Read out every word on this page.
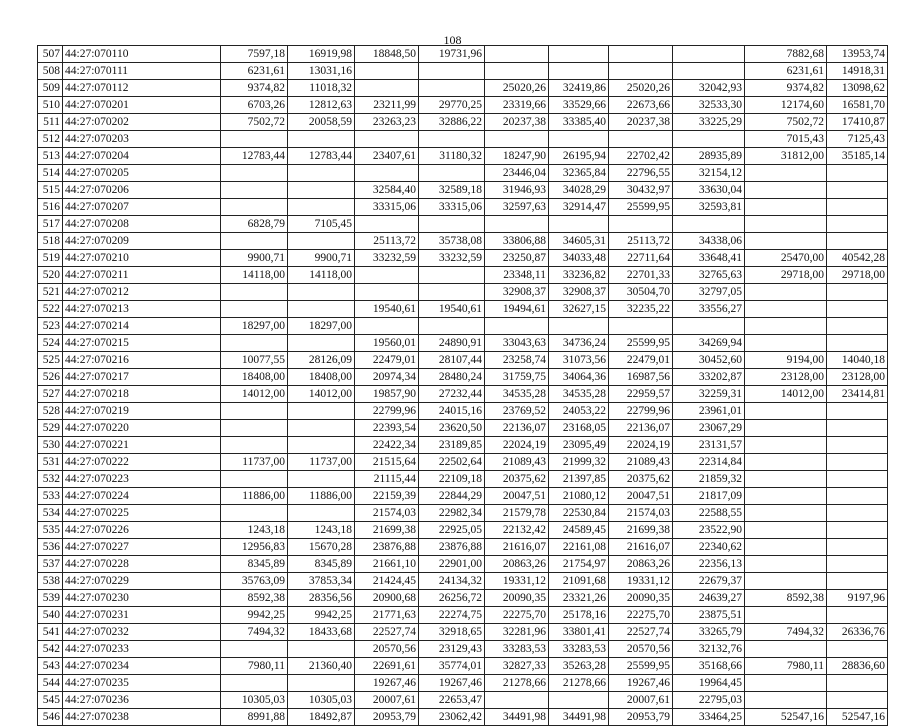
108
507	44:27:070110	7597,18	16919,98	18848,50	19731,96					7882,68	13953,74
508	44:27:070111	6231,61	13031,16							6231,61	14918,31
509	44:27:070112	9374,82	11018,32			25020,26	32419,86	25020,26	32042,93	9374,82	13098,62
510	44:27:070201	6703,26	12812,63	23211,99	29770,25	23319,66	33529,66	22673,66	32533,30	12174,60	16581,70
511	44:27:070202	7502,72	20058,59	23263,23	32886,22	20237,38	33385,40	20237,38	33225,29	7502,72	17410,87
512	44:27:070203									7015,43	7125,43
513	44:27:070204	12783,44	12783,44	23407,61	31180,32	18247,90	26195,94	22702,42	28935,89	31812,00	35185,14
514	44:27:070205					23446,04	32365,84	22796,55	32154,12		
515	44:27:070206			32584,40	32589,18	31946,93	34028,29	30432,97	33630,04		
516	44:27:070207			33315,06	33315,06	32597,63	32914,47	25599,95	32593,81		
517	44:27:070208	6828,79	7105,45								
518	44:27:070209			25113,72	35738,08	33806,88	34605,31	25113,72	34338,06		
519	44:27:070210	9900,71	9900,71	33232,59	33232,59	23250,87	34033,48	22711,64	33648,41	25470,00	40542,28
520	44:27:070211	14118,00	14118,00			23348,11	33236,82	22701,33	32765,63	29718,00	29718,00
521	44:27:070212					32908,37	32908,37	30504,70	32797,05		
522	44:27:070213			19540,61	19540,61	19494,61	32627,15	32235,22	33556,27		
523	44:27:070214	18297,00	18297,00								
524	44:27:070215			19560,01	24890,91	33043,63	34736,24	25599,95	34269,94		
525	44:27:070216	10077,55	28126,09	22479,01	28107,44	23258,74	31073,56	22479,01	30452,60	9194,00	14040,18
526	44:27:070217	18408,00	18408,00	20974,34	28480,24	31759,75	34064,36	16987,56	33202,87	23128,00	23128,00
527	44:27:070218	14012,00	14012,00	19857,90	27232,44	34535,28	34535,28	22959,57	32259,31	14012,00	23414,81
528	44:27:070219			22799,96	24015,16	23769,52	24053,22	22799,96	23961,01		
529	44:27:070220			22393,54	23620,50	22136,07	23168,05	22136,07	23067,29		
530	44:27:070221			22422,34	23189,85	22024,19	23095,49	22024,19	23131,57		
531	44:27:070222	11737,00	11737,00	21515,64	22502,64	21089,43	21999,32	21089,43	22314,84		
532	44:27:070223			21115,44	22109,18	20375,62	21397,85	20375,62	21859,32		
533	44:27:070224	11886,00	11886,00	22159,39	22844,29	20047,51	21080,12	20047,51	21817,09		
534	44:27:070225			21574,03	22982,34	21579,78	22530,84	21574,03	22588,55		
535	44:27:070226	1243,18	1243,18	21699,38	22925,05	22132,42	24589,45	21699,38	23522,90		
536	44:27:070227	12956,83	15670,28	23876,88	23876,88	21616,07	22161,08	21616,07	22340,62		
537	44:27:070228	8345,89	8345,89	21661,10	22901,00	20863,26	21754,97	20863,26	22356,13		
538	44:27:070229	35763,09	37853,34	21424,45	24134,32	19331,12	21091,68	19331,12	22679,37		
539	44:27:070230	8592,38	28356,56	20900,68	26256,72	20090,35	23321,26	20090,35	24639,27	8592,38	9197,96
540	44:27:070231	9942,25	9942,25	21771,63	22274,75	22275,70	25178,16	22275,70	23875,51		
541	44:27:070232	7494,32	18433,68	22527,74	32918,65	32281,96	33801,41	22527,74	33265,79	7494,32	26336,76
542	44:27:070233			20570,56	23129,43	33283,53	33283,53	20570,56	32132,76		
543	44:27:070234	7980,11	21360,40	22691,61	35774,01	32827,33	35263,28	25599,95	35168,66	7980,11	28836,60
544	44:27:070235			19267,46	19267,46	21278,66	21278,66	19267,46	19964,45		
545	44:27:070236	10305,03	10305,03	20007,61	22653,47			20007,61	22795,03		
546	44:27:070238	8991,88	18492,87	20953,79	23062,42	34491,98	34491,98	20953,79	33464,25	52547,16	52547,16
